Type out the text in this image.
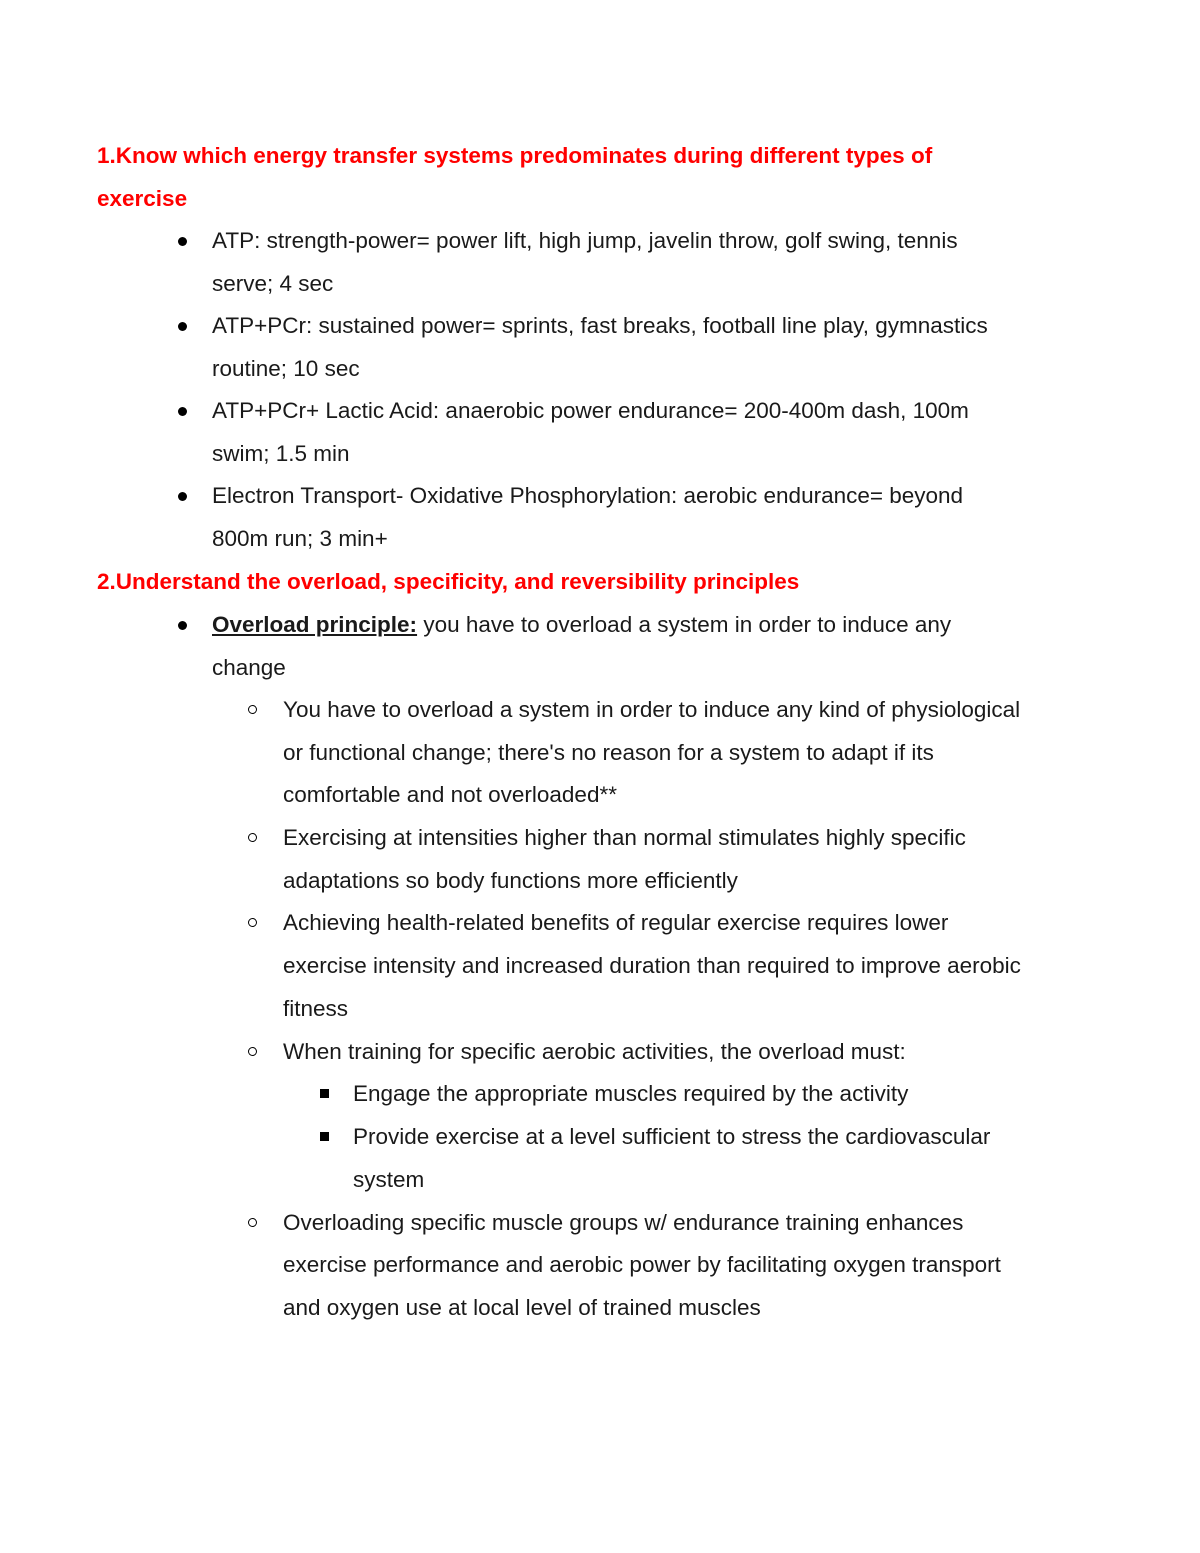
1.Know which energy transfer systems predominates during different types of
exercise
ATP: strength-power= power lift, high jump, javelin throw, golf swing, tennis
serve; 4 sec
ATP+PCr: sustained power= sprints, fast breaks, football line play, gymnastics
routine; 10 sec
ATP+PCr+ Lactic Acid: anaerobic power endurance= 200-400m dash, 100m
swim; 1.5 min
Electron Transport- Oxidative Phosphorylation: aerobic endurance= beyond
800m run; 3 min+
2.Understand the overload, specificity, and reversibility principles
Overload principle: you have to overload a system in order to induce any
change
You have to overload a system in order to induce any kind of physiological
or functional change; there's no reason for a system to adapt if its
comfortable and not overloaded**
Exercising at intensities higher than normal stimulates highly specific
adaptations so body functions more efficiently
Achieving health-related benefits of regular exercise requires lower
exercise intensity and increased duration than required to improve aerobic
fitness
When training for specific aerobic activities, the overload must:
Engage the appropriate muscles required by the activity
Provide exercise at a level sufficient to stress the cardiovascular
system
Overloading specific muscle groups w/ endurance training enhances
exercise performance and aerobic power by facilitating oxygen transport
and oxygen use at local level of trained muscles
